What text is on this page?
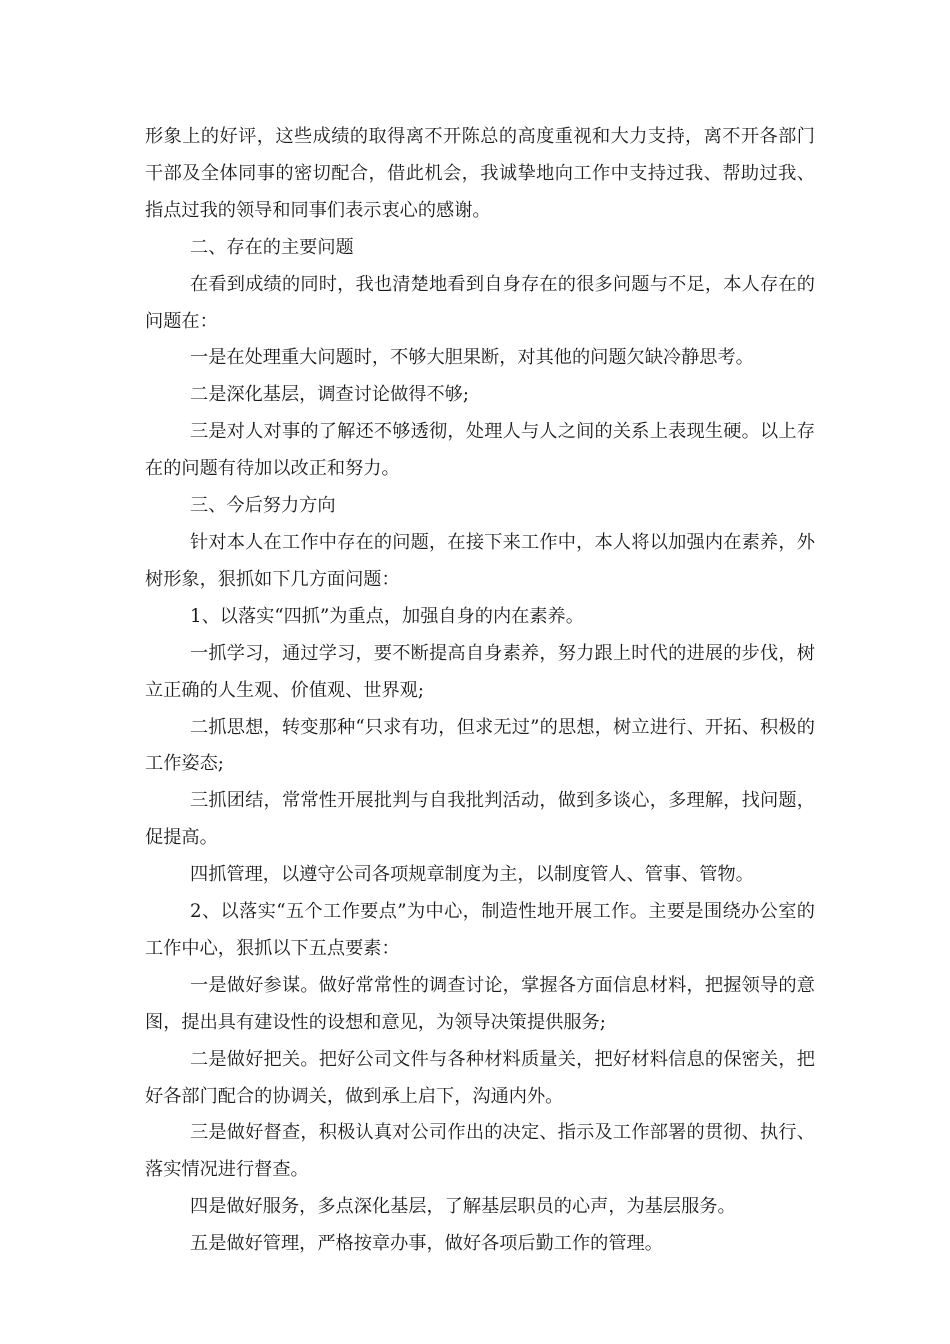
形象上的好评，这些成绩的取得离不开陈总的高度重视和大力支持，离不开各部门干部及全体同事的密切配合，借此机会，我诚挚地向工作中支持过我、帮助过我、指点过我的领导和同事们表示衷心的感谢。

二、存在的主要问题

在看到成绩的同时，我也清楚地看到自身存在的很多问题与不足，本人存在的问题在：

一是在处理重大问题时，不够大胆果断，对其他的问题欠缺冷静思考。

二是深化基层，调查讨论做得不够;

三是对人对事的了解还不够透彻，处理人与人之间的关系上表现生硬。以上存在的问题有待加以改正和努力。

三、今后努力方向

针对本人在工作中存在的问题，在接下来工作中，本人将以加强内在素养，外树形象，狠抓如下几方面问题：

1、以落实“四抓”为重点，加强自身的内在素养。

一抓学习，通过学习，要不断提高自身素养，努力跟上时代的进展的步伐，树立正确的人生观、价值观、世界观;

二抓思想，转变那种“只求有功，但求无过”的思想，树立进行、开拓、积极的工作姿态;

三抓团结，常常性开展批判与自我批判活动，做到多谈心，多理解，找问题，促提高。

四抓管理，以遵守公司各项规章制度为主，以制度管人、管事、管物。

2、以落实“五个工作要点”为中心，制造性地开展工作。主要是围绕办公室的工作中心，狠抓以下五点要素：

一是做好参谋。做好常常性的调查讨论，掌握各方面信息材料，把握领导的意图，提出具有建设性的设想和意见，为领导决策提供服务;

二是做好把关。把好公司文件与各种材料质量关，把好材料信息的保密关，把好各部门配合的协调关，做到承上启下，沟通内外。

三是做好督查，积极认真对公司作出的决定、指示及工作部署的贯彻、执行、落实情况进行督查。

四是做好服务，多点深化基层，了解基层职员的心声，为基层服务。

五是做好管理，严格按章办事，做好各项后勤工作的管理。
